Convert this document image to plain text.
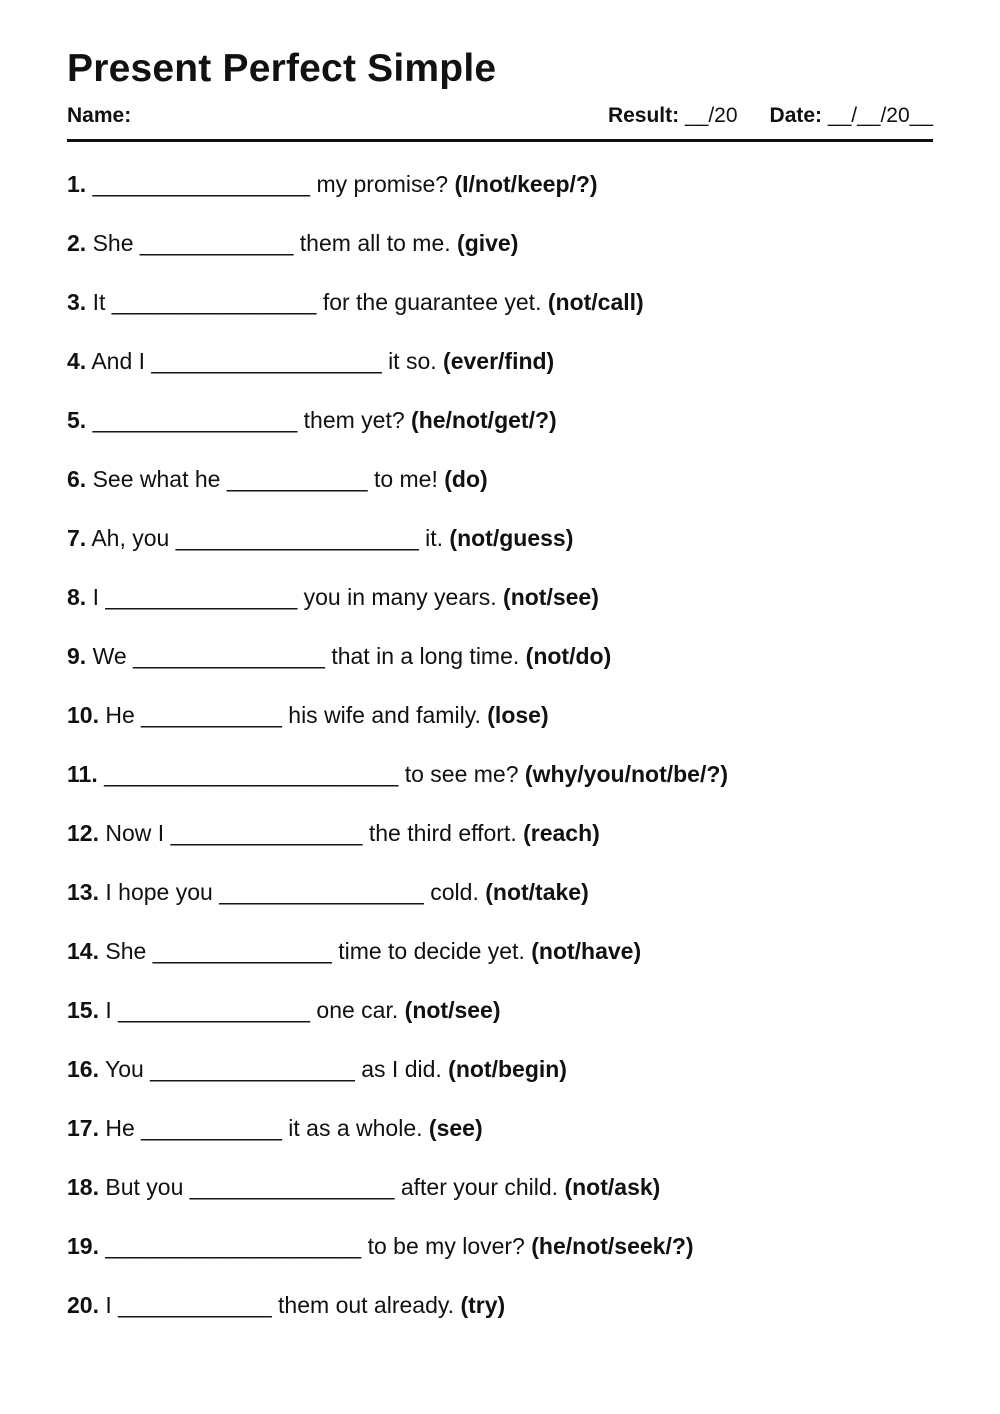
Present Perfect Simple
Name:	Result: __/20 Date: __/__/20__
1. _________________ my promise? (I/not/keep/?)
2. She ____________ them all to me. (give)
3. It ________________ for the guarantee yet. (not/call)
4. And I __________________ it so. (ever/find)
5. ________________ them yet? (he/not/get/?)
6. See what he ___________ to me! (do)
7. Ah, you ___________________ it. (not/guess)
8. I _______________ you in many years. (not/see)
9. We _______________ that in a long time. (not/do)
10. He ___________ his wife and family. (lose)
11. _______________________ to see me? (why/you/not/be/?)
12. Now I _______________ the third effort. (reach)
13. I hope you ________________ cold. (not/take)
14. She ______________ time to decide yet. (not/have)
15. I _______________ one car. (not/see)
16. You ________________ as I did. (not/begin)
17. He ___________ it as a whole. (see)
18. But you ________________ after your child. (not/ask)
19. ____________________ to be my lover? (he/not/seek/?)
20. I ____________ them out already. (try)
